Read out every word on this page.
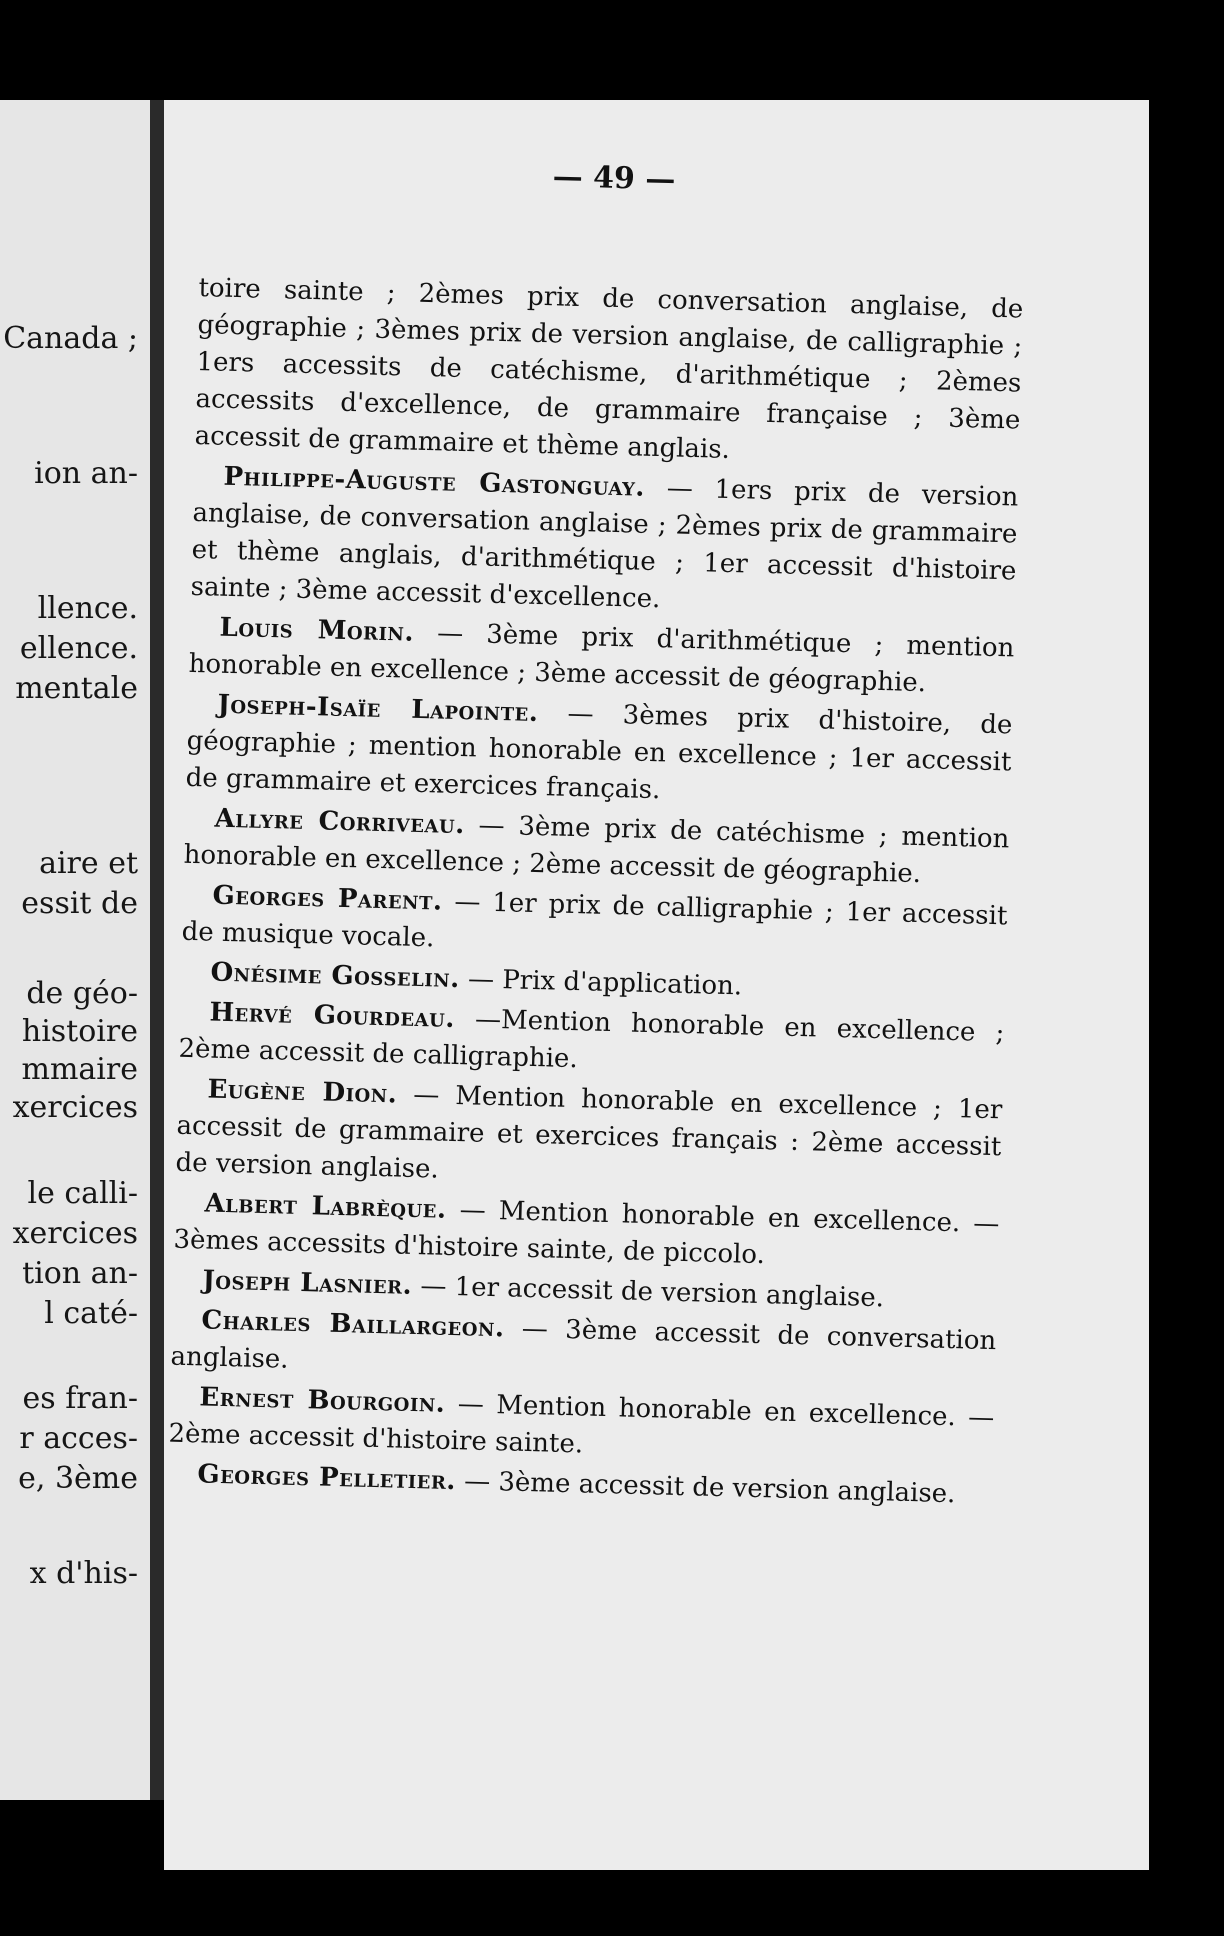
Canada ;
ion an-
llence.
ellence.
mentale
aire et
essit de
de géo-
histoire
mmaire
xercices
le calli-
xercices
tion an-
l caté-
es fran-
r acces-
e, 3ème
x d'his-
— 49 —

toire sainte ; 2èmes prix de conversation anglaise, de géographie ; 3èmes prix de version anglaise, de calligraphie ; 1ers accessits de catéchisme, d'arithmétique ; 2èmes accessits d'excellence, de grammaire française ; 3ème accessit de grammaire et thème anglais.

Philippe-Auguste Gastonguay. — 1ers prix de version anglaise, de conversation anglaise ; 2èmes prix de grammaire et thème anglais, d'arithmétique ; 1er accessit d'histoire sainte ; 3ème accessit d'excellence.

Louis Morin. — 3ème prix d'arithmétique ; mention honorable en excellence ; 3ème accessit de géographie.

Joseph-Isaïe Lapointe. — 3èmes prix d'histoire, de géographie ; mention honorable en excellence ; 1er accessit de grammaire et exercices français.

Allyre Corriveau. — 3ème prix de catéchisme ; mention honorable en excellence ; 2ème accessit de géographie.

Georges Parent. — 1er prix de calligraphie ; 1er accessit de musique vocale.

Onésime Gosselin. — Prix d'application.

Hervé Gourdeau. —Mention honorable en excellence ; 2ème accessit de calligraphie.

Eugène Dion. — Mention honorable en excellence ; 1er accessit de grammaire et exercices français : 2ème accessit de version anglaise.

Albert Labrèque. — Mention honorable en excellence. — 3èmes accessits d'histoire sainte, de piccolo.

Joseph Lasnier. — 1er accessit de version anglaise.

Charles Baillargeon. — 3ème accessit de conversation anglaise.

Ernest Bourgoin. — Mention honorable en excellence. — 2ème accessit d'histoire sainte.

Georges Pelletier. — 3ème accessit de version anglaise.
